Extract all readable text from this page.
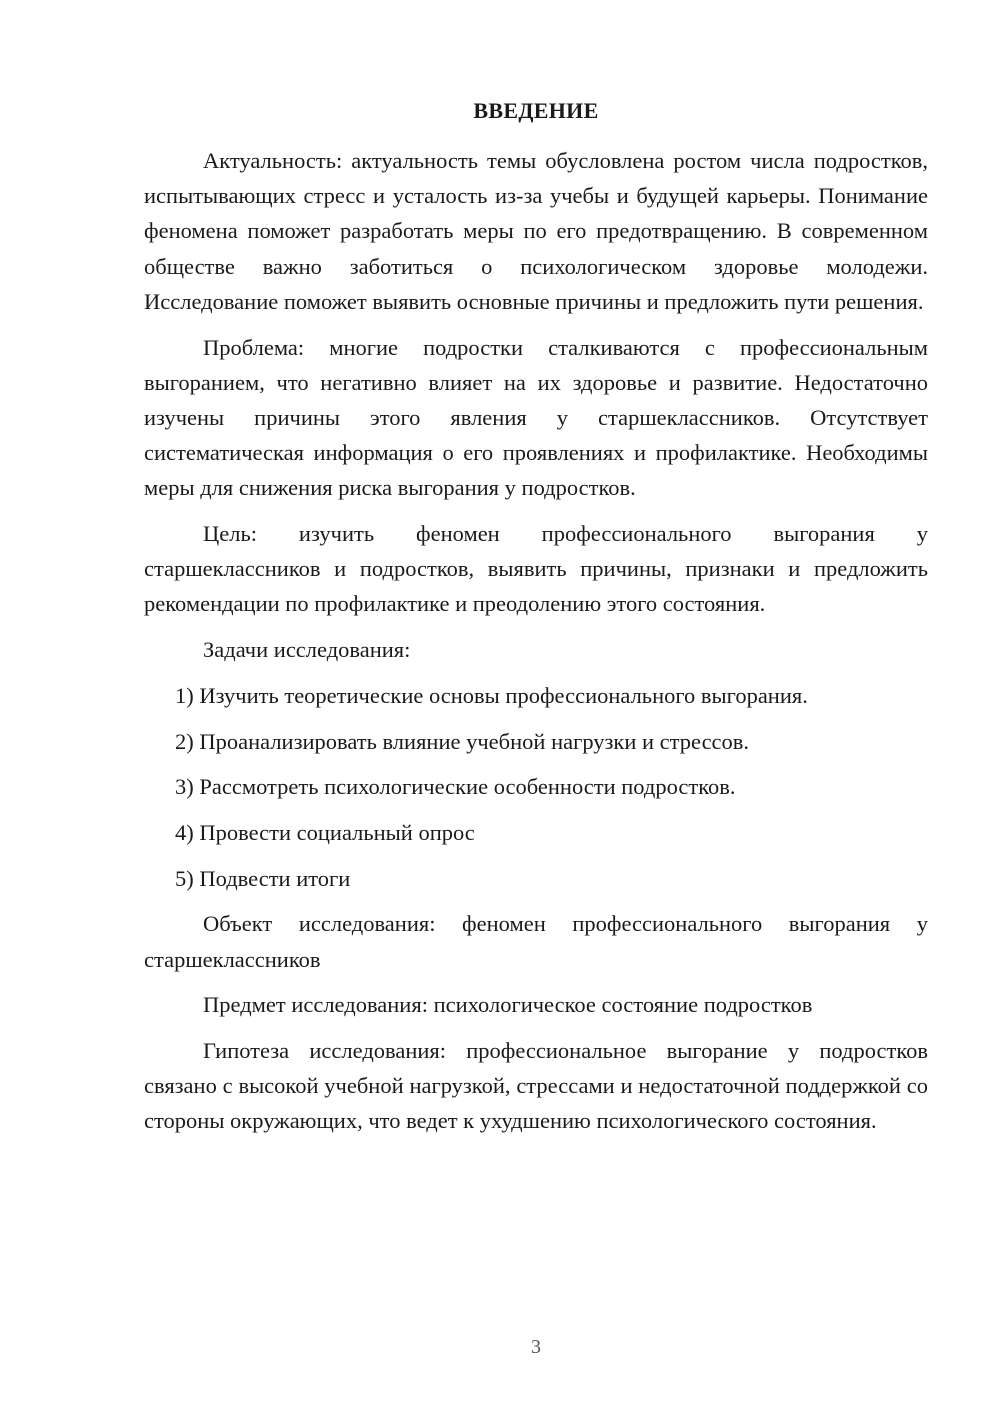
ВВЕДЕНИЕ

Актуальность: актуальность темы обусловлена ростом числа подростков, испытывающих стресс и усталость из-за учебы и будущей карьеры. Понимание феномена поможет разработать меры по его предотвращению. В современном обществе важно заботиться о психологическом здоровье молодежи. Исследование поможет выявить основные причины и предложить пути решения.

Проблема: многие подростки сталкиваются с профессиональным выгоранием, что негативно влияет на их здоровье и развитие. Недостаточно изучены причины этого явления у старшеклассников. Отсутствует систематическая информация о его проявлениях и профилактике. Необходимы меры для снижения риска выгорания у подростков.

Цель: изучить феномен профессионального выгорания у старшеклассников и подростков, выявить причины, признаки и предложить рекомендации по профилактике и преодолению этого состояния.

Задачи исследования:

1) Изучить теоретические основы профессионального выгорания.

2) Проанализировать влияние учебной нагрузки и стрессов.

3) Рассмотреть психологические особенности подростков.

4) Провести социальный опрос

5) Подвести итоги

Объект исследования: феномен профессионального выгорания у старшеклассников

Предмет исследования: психологическое состояние подростков

Гипотеза исследования: профессиональное выгорание у подростков связано с высокой учебной нагрузкой, стрессами и недостаточной поддержкой со стороны окружающих, что ведет к ухудшению психологического состояния.

3
